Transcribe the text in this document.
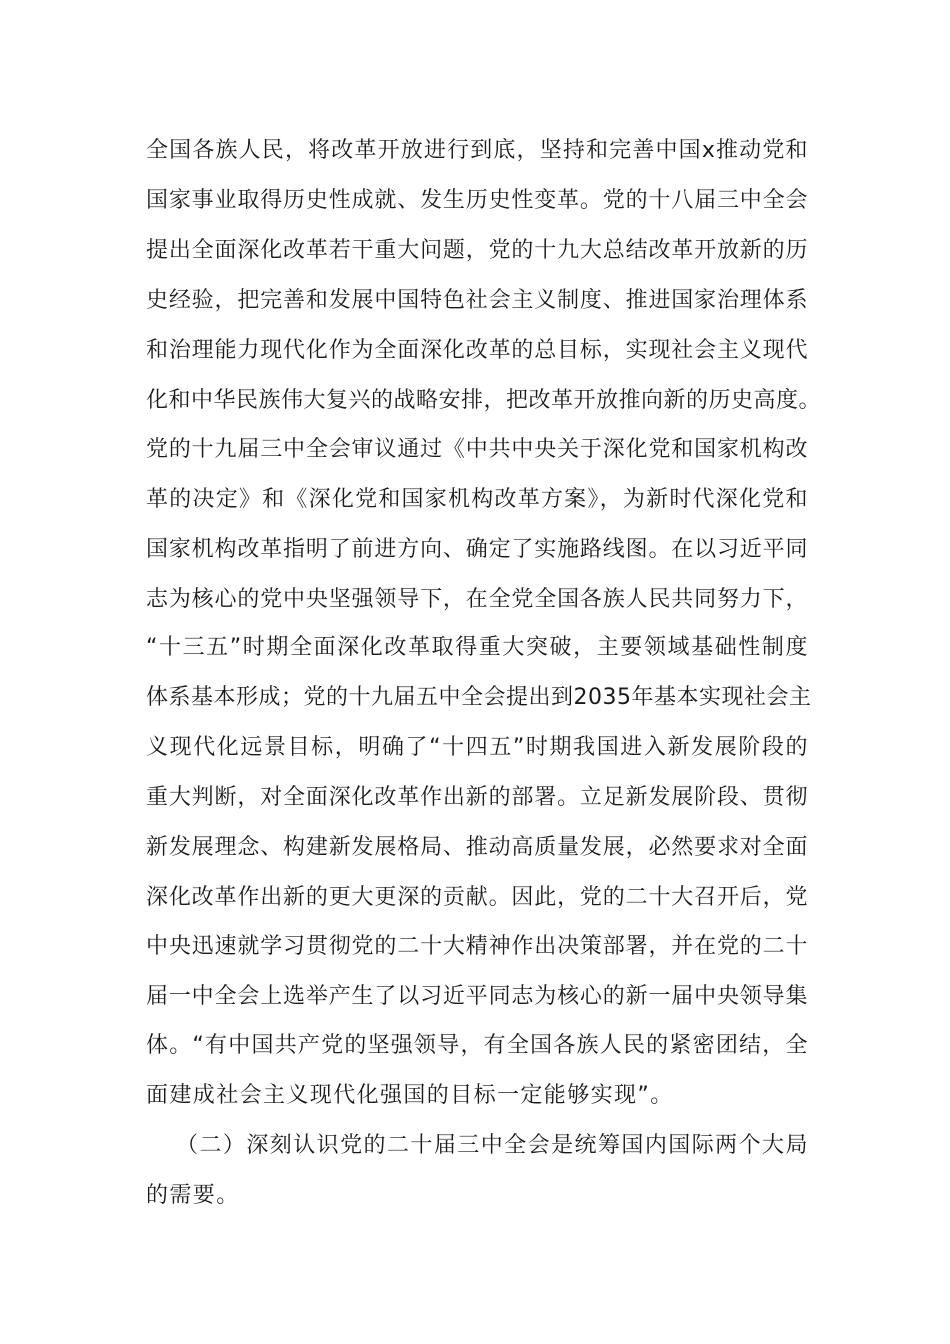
全国各族人民，将改革开放进行到底，坚持和完善中国x推动党和
国家事业取得历史性成就、发生历史性变革。党的十八届三中全会
提出全面深化改革若干重大问题，党的十九大总结改革开放新的历
史经验，把完善和发展中国特色社会主义制度、推进国家治理体系
和治理能力现代化作为全面深化改革的总目标，实现社会主义现代
化和中华民族伟大复兴的战略安排，把改革开放推向新的历史高度。
党的十九届三中全会审议通过《中共中央关于深化党和国家机构改
革的决定》和《深化党和国家机构改革方案》，为新时代深化党和
国家机构改革指明了前进方向、确定了实施路线图。在以习近平同
志为核心的党中央坚强领导下，在全党全国各族人民共同努力下，
“十三五”时期全面深化改革取得重大突破，主要领域基础性制度
体系基本形成；党的十九届五中全会提出到2035年基本实现社会主
义现代化远景目标，明确了“十四五”时期我国进入新发展阶段的
重大判断，对全面深化改革作出新的部署。立足新发展阶段、贯彻
新发展理念、构建新发展格局、推动高质量发展，必然要求对全面
深化改革作出新的更大更深的贡献。因此，党的二十大召开后，党
中央迅速就学习贯彻党的二十大精神作出决策部署，并在党的二十
届一中全会上选举产生了以习近平同志为核心的新一届中央领导集
体。“有中国共产党的坚强领导，有全国各族人民的紧密团结，全
面建成社会主义现代化强国的目标一定能够实现”。
（二）深刻认识党的二十届三中全会是统筹国内国际两个大局
的需要。
